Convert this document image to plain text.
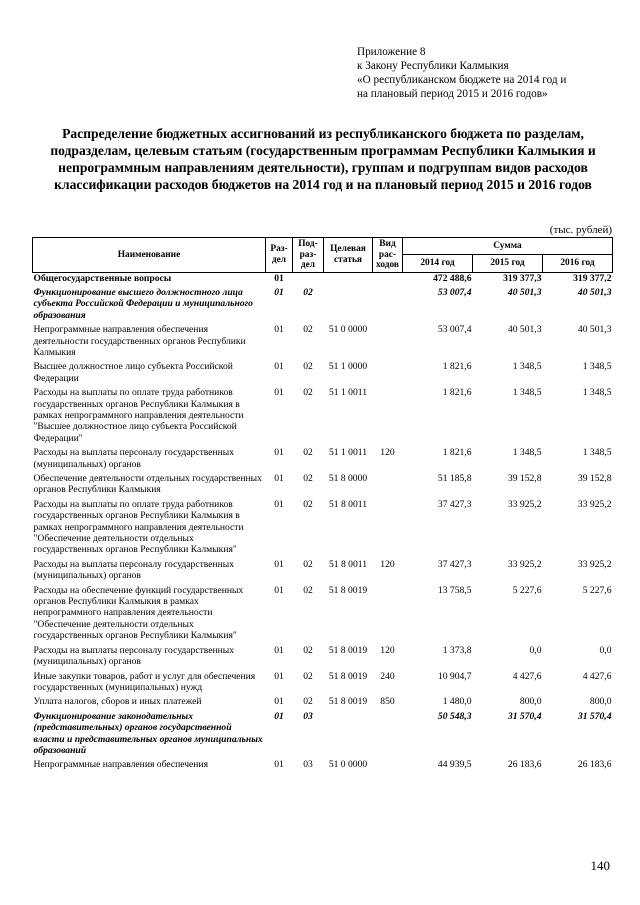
Приложение 8
к Закону Республики Калмыкия
«О республиканском бюджете на 2014 год и
на плановый период 2015 и 2016 годов»
Распределение бюджетных ассигнований из республиканского бюджета по разделам, подразделам, целевым статьям (государственным программам Республики Калмыкия и непрограммным направлениям деятельности), группам и подгруппам видов расходов классификации расходов бюджетов на 2014 год и на плановый период 2015 и 2016 годов
(тыс. рублей)
Наименование	Раз-дел	Под-раз-дел	Целевая статья	Вид рас-ходов	Сумма		
					2014 год	2015 год	2016 год
Общегосударственные вопросы	01				472 488,6	319 377,3	319 377,2
Функционирование высшего должностного лица субъекта Российской Федерации и муниципального образования	01	02			53 007,4	40 501,3	40 501,3
Непрограммные направления обеспечения деятельности государственных органов Республики Калмыкия	01	02	51 0 0000		53 007,4	40 501,3	40 501,3
Высшее должностное лицо субъекта Российской Федерации	01	02	51 1 0000		1 821,6	1 348,5	1 348,5
Расходы на выплаты по оплате труда работников государственных органов Республики Калмыкия в рамках непрограммного направления деятельности "Высшее должностное лицо субъекта Российской Федерации"	01	02	51 1 0011		1 821,6	1 348,5	1 348,5
Расходы на выплаты персоналу государственных (муниципальных) органов	01	02	51 1 0011	120	1 821,6	1 348,5	1 348,5
Обеспечение деятельности отдельных государственных органов Республики Калмыкия	01	02	51 8 0000		51 185,8	39 152,8	39 152,8
Расходы на выплаты по оплате труда работников государственных органов Республики Калмыкия в рамках непрограммного направления деятельности "Обеспечение деятельности отдельных государственных органов Республики Калмыкия"	01	02	51 8 0011		37 427,3	33 925,2	33 925,2
Расходы на выплаты персоналу государственных (муниципальных) органов	01	02	51 8 0011	120	37 427,3	33 925,2	33 925,2
Расходы на обеспечение функций государственных органов Республики Калмыкия в рамках непрограммного направления деятельности "Обеспечение деятельности отдельных государственных органов Республики Калмыкия"	01	02	51 8 0019		13 758,5	5 227,6	5 227,6
Расходы на выплаты персоналу государственных (муниципальных) органов	01	02	51 8 0019	120	1 373,8	0,0	0,0
Иные закупки товаров, работ и услуг для обеспечения государственных (муниципальных) нужд	01	02	51 8 0019	240	10 904,7	4 427,6	4 427,6
Уплата налогов, сборов и иных платежей	01	02	51 8 0019	850	1 480,0	800,0	800,0
Функционирование законодательных (представительных) органов государственной власти и представительных органов муниципальных образований	01	03			50 548,3	31 570,4	31 570,4
Непрограммные направления обеспечения	01	03	51 0 0000		44 939,5	26 183,6	26 183,6
140
